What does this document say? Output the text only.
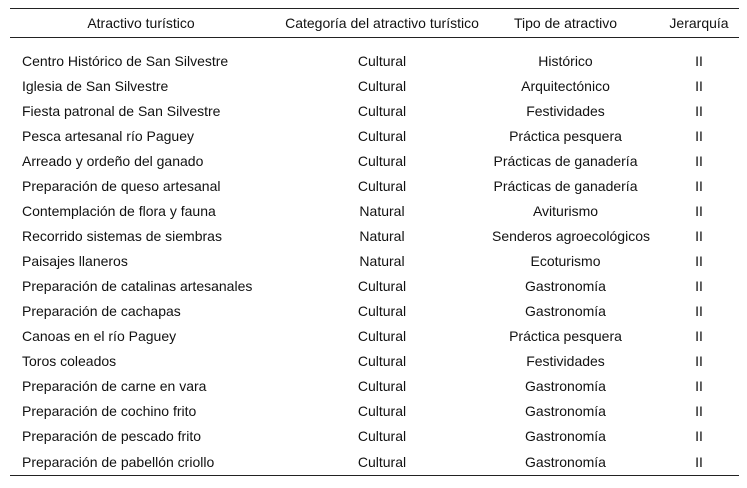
Atractivo turístico	Categoría del atractivo turístico	Tipo de atractivo	Jerarquía

Centro Histórico de San Silvestre	Cultural	Histórico	II
Iglesia de San Silvestre	Cultural	Arquitectónico	II
Fiesta patronal de San Silvestre	Cultural	Festividades	II
Pesca artesanal río Paguey	Cultural	Práctica pesquera	II
Arreado y ordeño del ganado	Cultural	Prácticas de ganadería	II
Preparación de queso artesanal	Cultural	Prácticas de ganadería	II
Contemplación de flora y fauna	Natural	Aviturismo	II
Recorrido sistemas de siembras	Natural	Senderos agroecológicos	II
Paisajes llaneros	Natural	Ecoturismo	II
Preparación de catalinas artesanales	Cultural	Gastronomía	II
Preparación de cachapas	Cultural	Gastronomía	II
Canoas en el río Paguey	Cultural	Práctica pesquera	II
Toros coleados	Cultural	Festividades	II
Preparación de carne en vara	Cultural	Gastronomía	II
Preparación de cochino frito	Cultural	Gastronomía	II
Preparación de pescado frito	Cultural	Gastronomía	II
Preparación de pabellón criollo	Cultural	Gastronomía	II
